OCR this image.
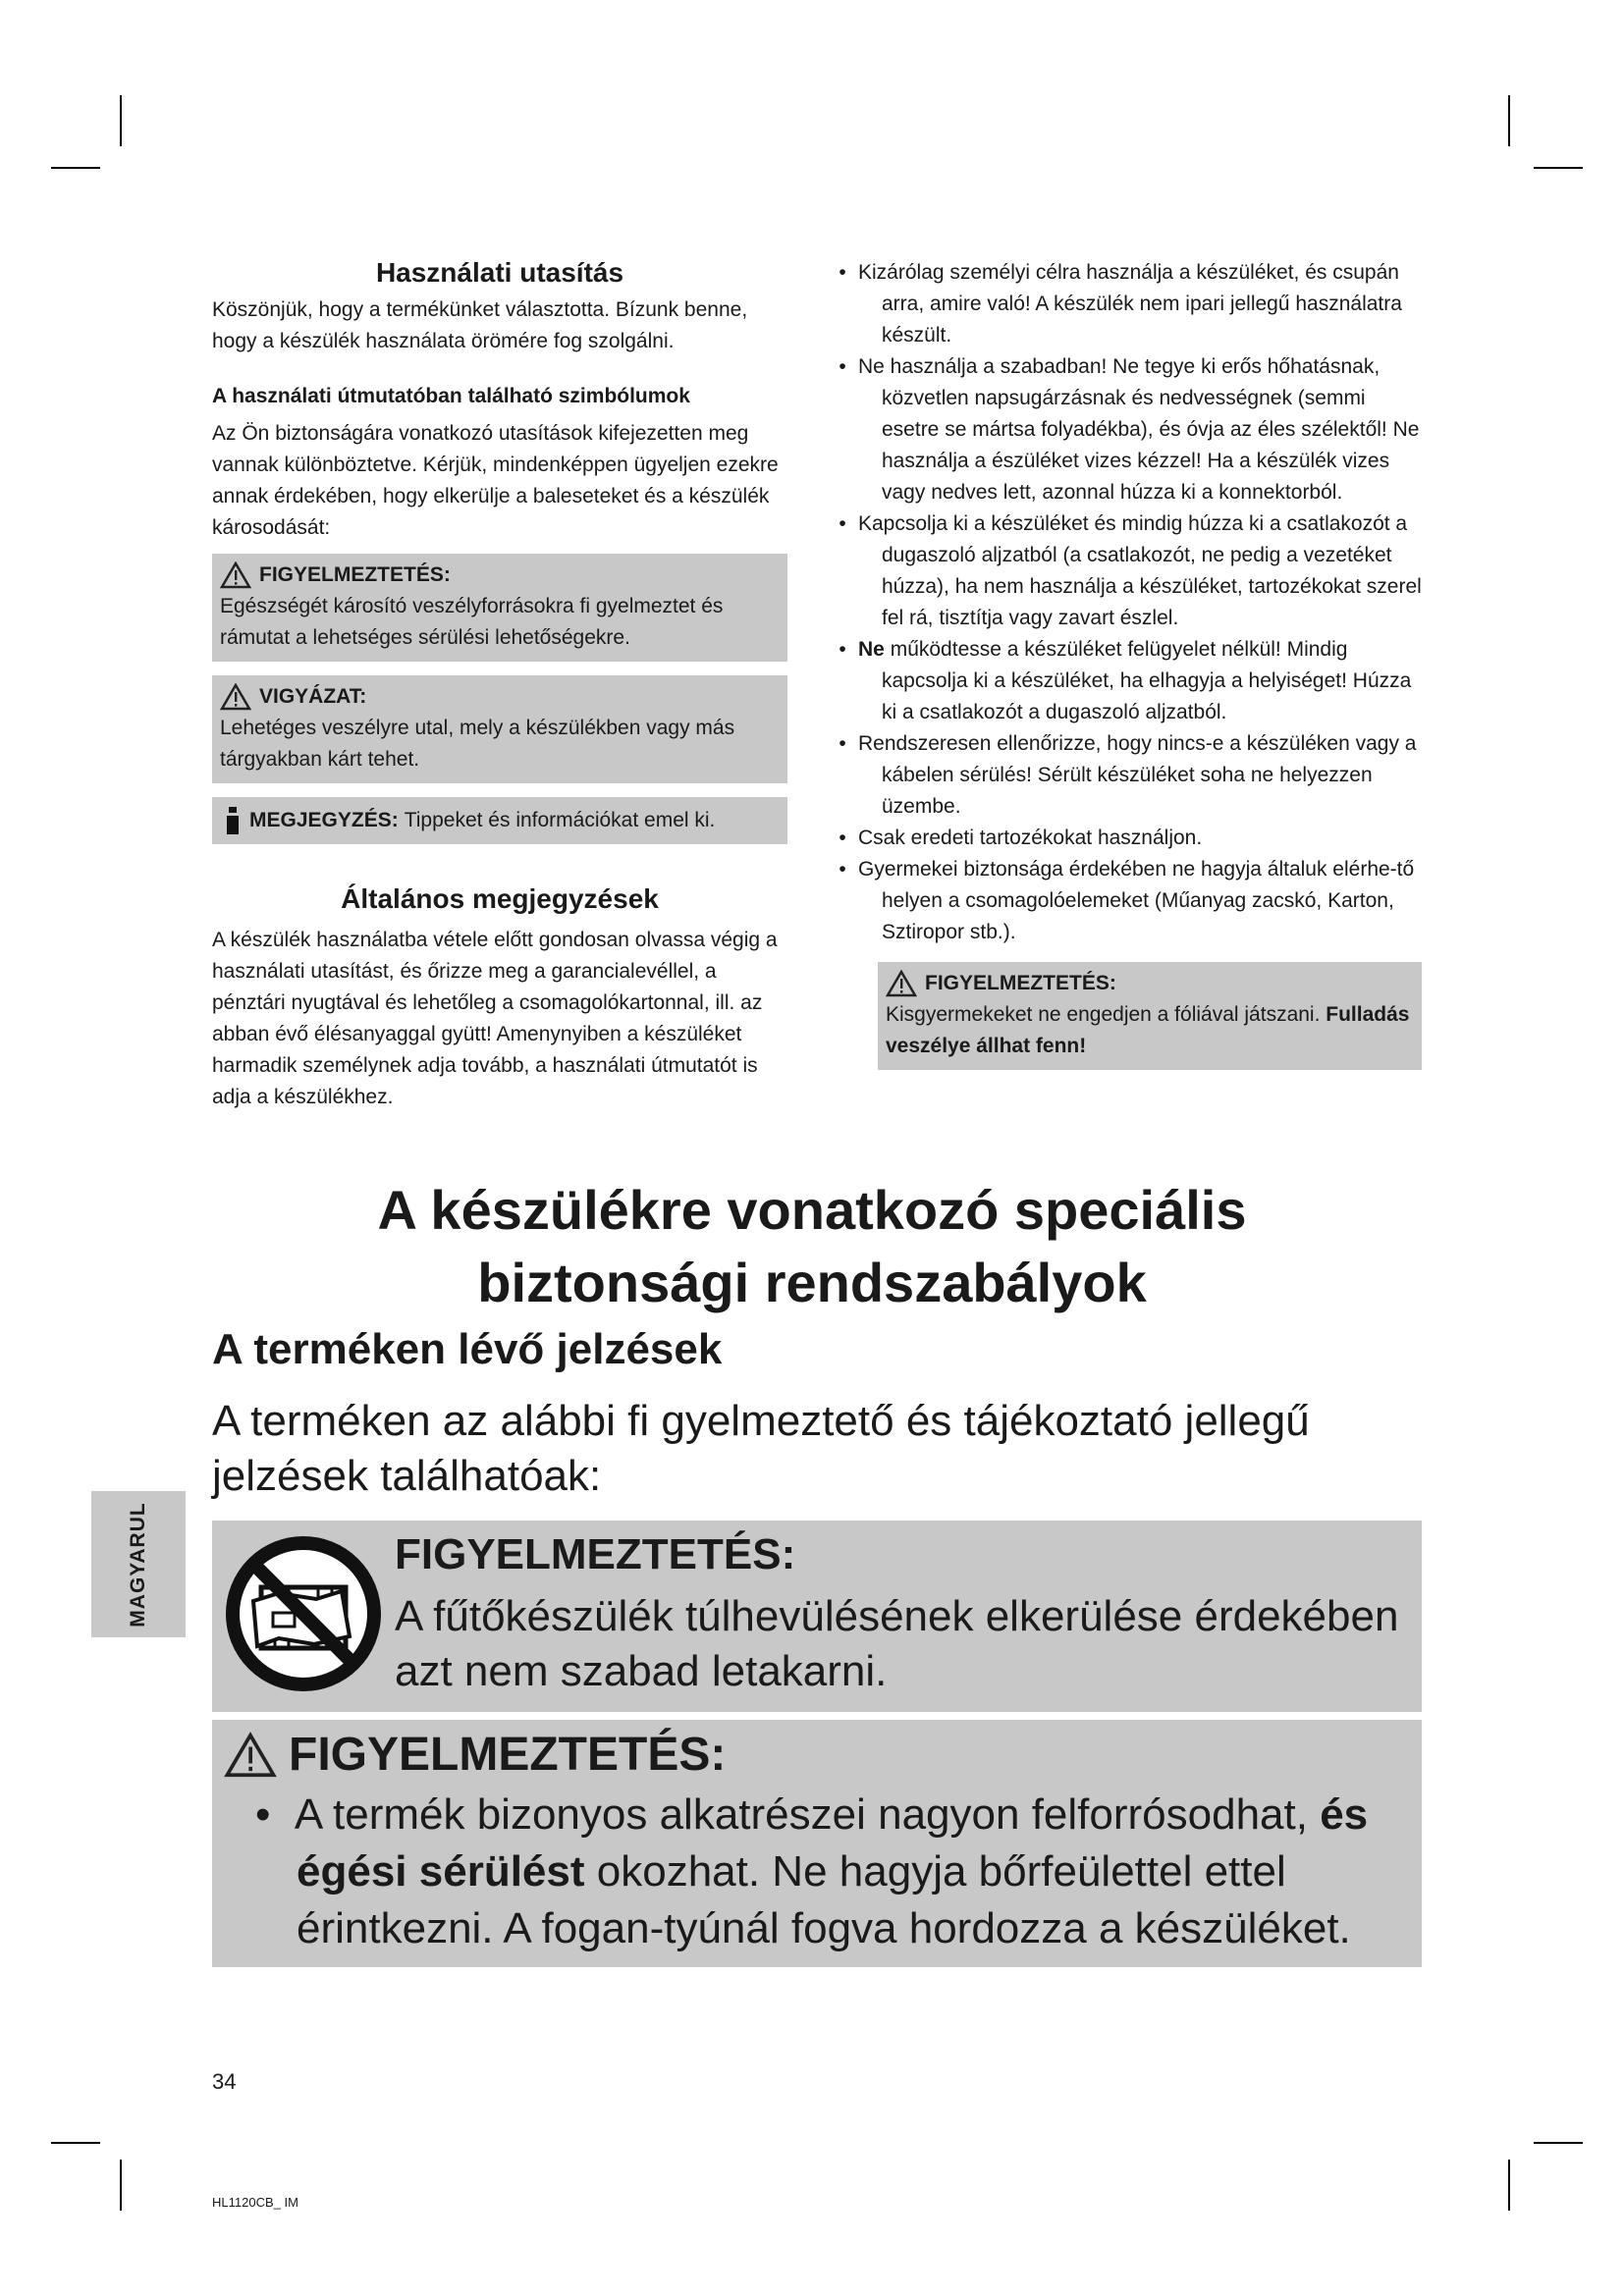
Használati utasítás

Köszönjük, hogy a termékünket választotta. Bízunk benne, hogy a készülék használata örömére fog szolgálni.

A használati útmutatóban található szimbólumok

Az Ön biztonságára vonatkozó utasítások kifejezetten meg vannak különböztetve. Kérjük, mindenképpen ügyeljen ezekre annak érdekében, hogy elkerülje a baleseteket és a készülék károsodását:

FIGYELMEZTETÉS:

Egészségét károsító veszélyforrásokra fi gyelmeztet és rámutat a lehetséges sérülési lehetőségekre.

VIGYÁZAT:

Lehetéges veszélyre utal, mely a készülékben vagy más tárgyakban kárt tehet.

MEGJEGYZÉS: Tippeket és információkat emel ki.
Általános megjegyzések

A készülék használatba vétele előtt gondosan olvassa végig a használati utasítást, és őrizze meg a garancialevéllel, a pénztári nyugtával és lehetőleg a csomagolókartonnal, ill. az abban évő élésanyaggal gyütt! Amenynyiben a készüléket harmadik személynek adja tovább, a használati útmutatót is adja a készülékhez.

• Kizárólag személyi célra használja a készüléket, és csupán arra, amire való! A készülék nem ipari jellegű használatra készült.
• Ne használja a szabadban! Ne tegye ki erős hőhatásnak, közvetlen napsugárzásnak és nedvességnek (semmi esetre se mártsa folyadékba), és óvja az éles szélektől! Ne használja a észüléket vizes kézzel! Ha a készülék vizes vagy nedves lett, azonnal húzza ki a konnektorból.
• Kapcsolja ki a készüléket és mindig húzza ki a csatlakozót a dugaszoló aljzatból (a csatlakozót, ne pedig a vezetéket húzza), ha nem használja a készüléket, tartozékokat szerel fel rá, tisztítja vagy zavart észlel.
• Ne működtesse a készüléket felügyelet nélkül! Mindig kapcsolja ki a készüléket, ha elhagyja a helyiséget! Húzza ki a csatlakozót a dugaszoló aljzatból.
• Rendszeresen ellenőrizze, hogy nincs-e a készüléken vagy a kábelen sérülés! Sérült készüléket soha ne helyezzen üzembe.
• Csak eredeti tartozékokat használjon.
• Gyermekei biztonsága érdekében ne hagyja általuk elérhe-tő helyen a csomagolóelemeket (Műanyag zacskó, Karton, Sztiropor stb.).
FIGYELMEZTETÉS:

Kisgyermekeket ne engedjen a fóliával játszani. Fulladás veszélye állhat fenn!

A készülékre vonatkozó speciális
biztonsági rendszabályok
A terméken lévő jelzések
A terméken az alábbi fi gyelmeztető és tájékoztató jellegű jelzések találhatóak:
MAGYARUL	FIGYELMEZTETÉS:
A fűtőkészülék túlhevülésének elkerülése érdekében azt nem szabad letakarni.
FIGYELMEZTETÉS:
•  A termék bizonyos alkatrészei nagyon felforrósodhat, és égési sérülést okozhat. Ne hagyja bőrfeülettel ettel érintkezni. A fogan-tyúnál fogva hordozza a készüléket.
34
HL1120CB_ IM
